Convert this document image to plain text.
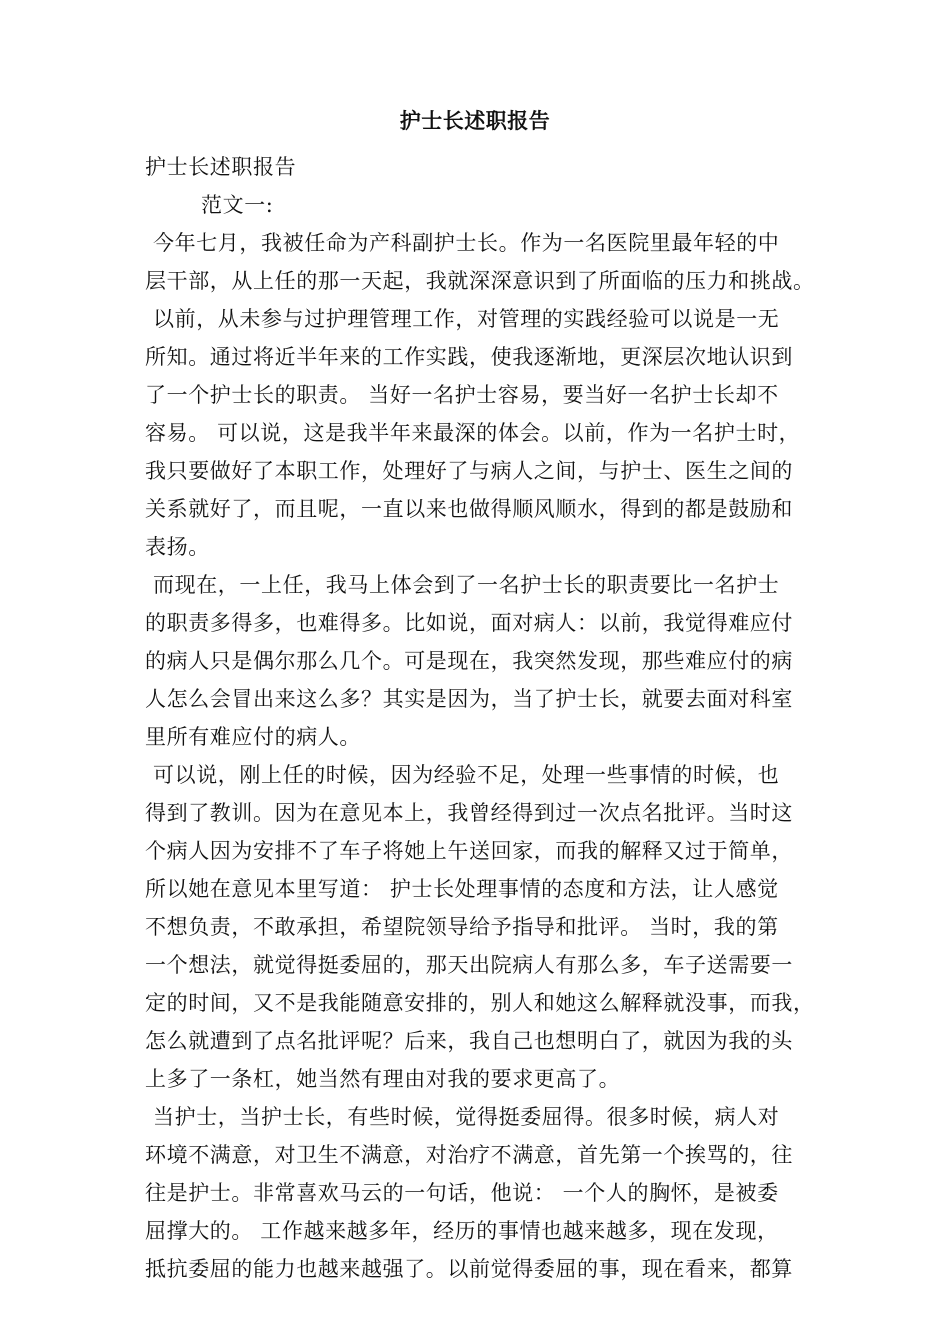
护士长述职报告
护士长述职报告
范文一:
今年七月，我被任命为产科副护士长。作为一名医院里最年轻的中
层干部，从上任的那一天起，我就深深意识到了所面临的压力和挑战。
以前，从未参与过护理管理工作，对管理的实践经验可以说是一无
所知。通过将近半年来的工作实践，使我逐渐地，更深层次地认识到
了一个护士长的职责。 当好一名护士容易，要当好一名护士长却不
容易。 可以说，这是我半年来最深的体会。以前，作为一名护士时，
我只要做好了本职工作，处理好了与病人之间，与护士、医生之间的
关系就好了，而且呢，一直以来也做得顺风顺水，得到的都是鼓励和
表扬。
而现在，一上任，我马上体会到了一名护士长的职责要比一名护士
的职责多得多，也难得多。比如说，面对病人：以前，我觉得难应付
的病人只是偶尔那么几个。可是现在，我突然发现，那些难应付的病
人怎么会冒出来这么多？其实是因为，当了护士长，就要去面对科室
里所有难应付的病人。
可以说，刚上任的时候，因为经验不足，处理一些事情的时候，也
得到了教训。因为在意见本上，我曾经得到过一次点名批评。当时这
个病人因为安排不了车子将她上午送回家，而我的解释又过于简单，
所以她在意见本里写道： 护士长处理事情的态度和方法，让人感觉
不想负责，不敢承担，希望院领导给予指导和批评。 当时，我的第
一个想法，就觉得挺委屈的，那天出院病人有那么多，车子送需要一
定的时间，又不是我能随意安排的，别人和她这么解释就没事，而我，
怎么就遭到了点名批评呢？后来，我自己也想明白了，就因为我的头
上多了一条杠，她当然有理由对我的要求更高了。
当护士，当护士长，有些时候，觉得挺委屈得。很多时候，病人对
环境不满意，对卫生不满意，对治疗不满意，首先第一个挨骂的，往
往是护士。非常喜欢马云的一句话，他说： 一个人的胸怀，是被委
屈撑大的。 工作越来越多年，经历的事情也越来越多，现在发现，
抵抗委屈的能力也越来越强了。以前觉得委屈的事，现在看来，都算
